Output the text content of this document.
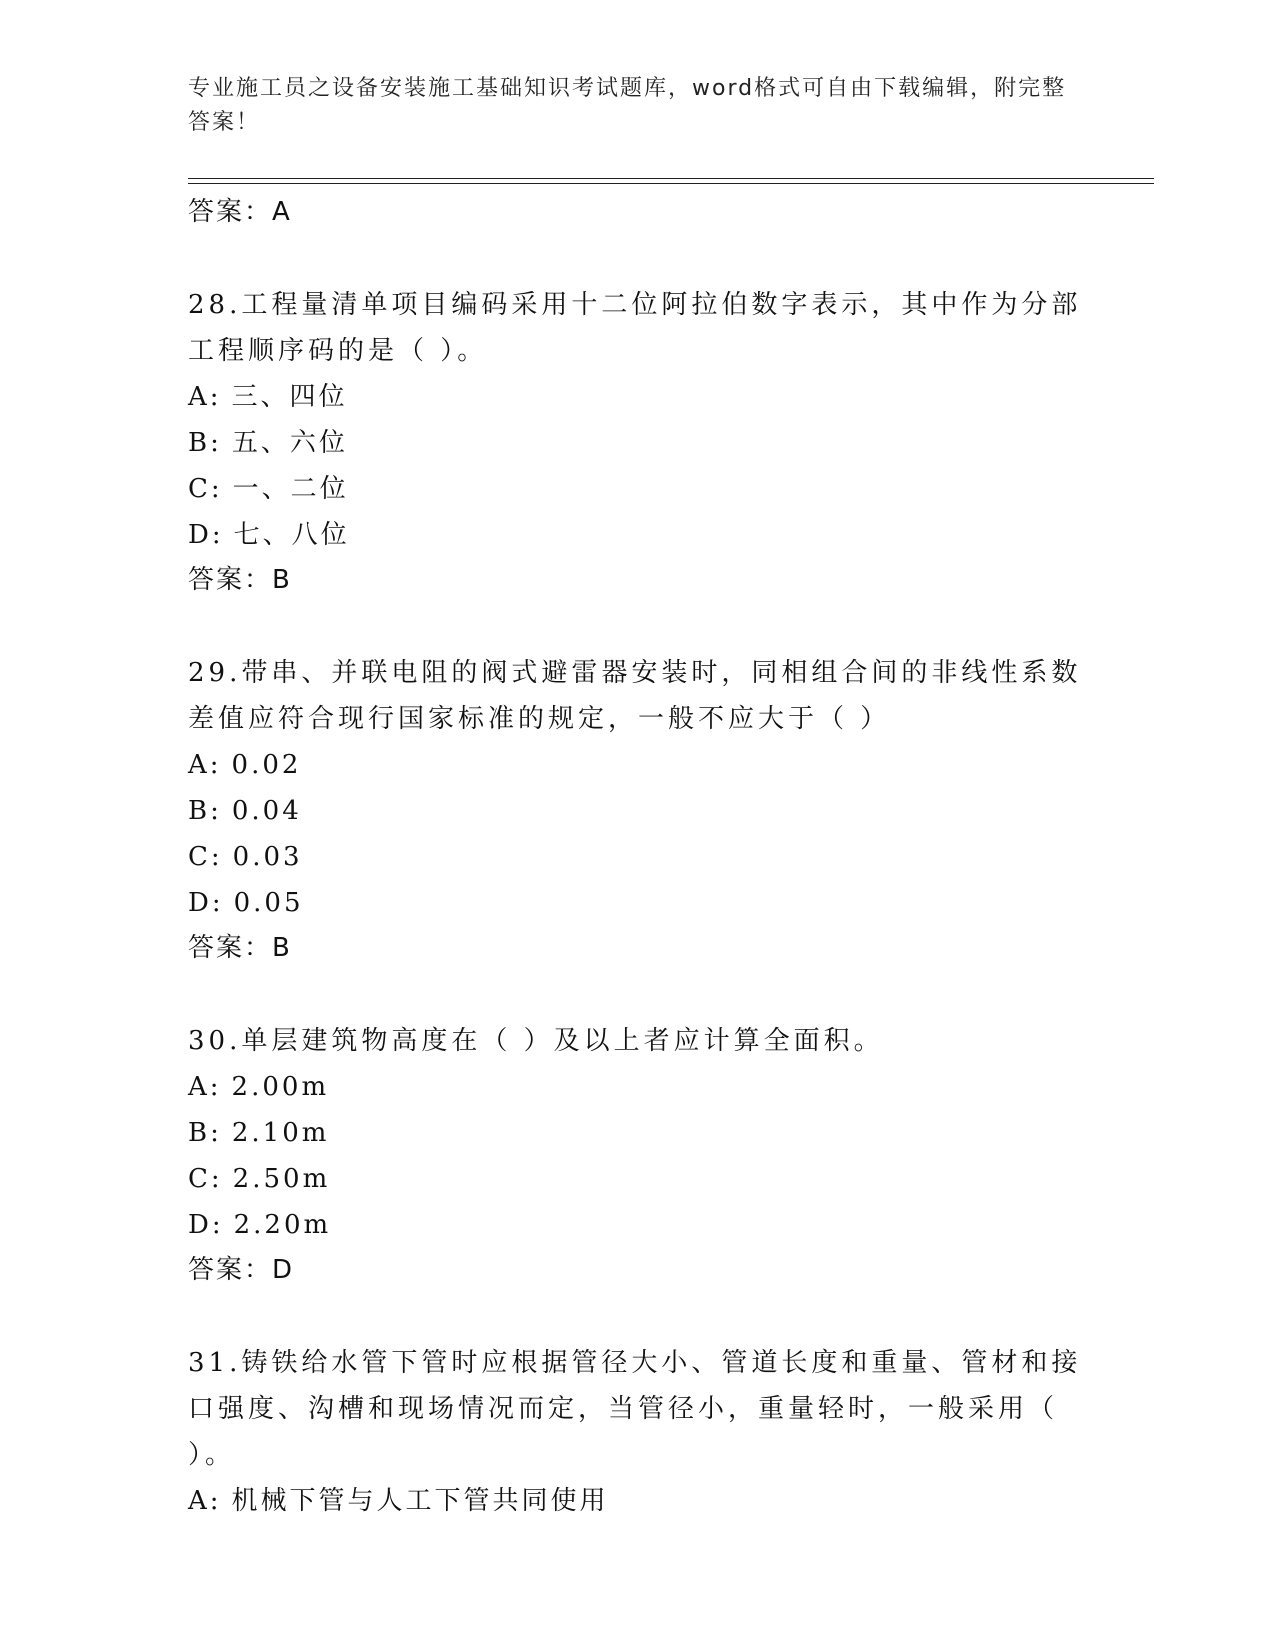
专业施工员之设备安装施工基础知识考试题库，word格式可自由下载编辑，附完整答案！
答案：A
28.工程量清单项目编码采用十二位阿拉伯数字表示，其中作为分部工程顺序码的是（ ）。
A: 三、四位
B: 五、六位
C: 一、二位
D: 七、八位
答案：B
29.带串、并联电阻的阀式避雷器安装时，同相组合间的非线性系数差值应符合现行国家标准的规定，一般不应大于（ ）
A: 0.02
B: 0.04
C: 0.03
D: 0.05
答案：B
30.单层建筑物高度在（ ）及以上者应计算全面积。
A: 2.00m
B: 2.10m
C: 2.50m
D: 2.20m
答案：D
31.铸铁给水管下管时应根据管径大小、管道长度和重量、管材和接口强度、沟槽和现场情况而定，当管径小，重量轻时，一般采用（ ）。
A: 机械下管与人工下管共同使用
